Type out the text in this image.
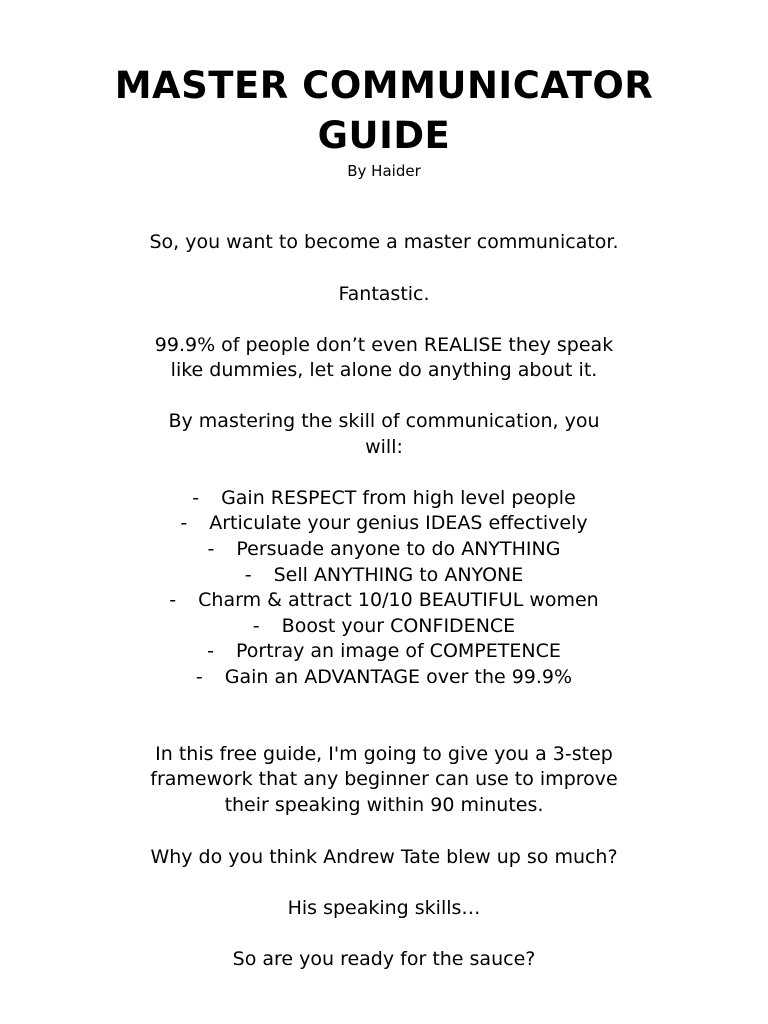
MASTER COMMUNICATOR
GUIDE
By Haider
So, you want to become a master communicator.
Fantastic.
99.9% of people don’t even REALISE they speak
like dummies, let alone do anything about it.
By mastering the skill of communication, you
will:
- Gain RESPECT from high level people
- Articulate your genius IDEAS effectively
- Persuade anyone to do ANYTHING
- Sell ANYTHING to ANYONE
- Charm & attract 10/10 BEAUTIFUL women
- Boost your CONFIDENCE
- Portray an image of COMPETENCE
- Gain an ADVANTAGE over the 99.9%
In this free guide, I'm going to give you a 3-step
framework that any beginner can use to improve
their speaking within 90 minutes.
Why do you think Andrew Tate blew up so much?
His speaking skills…
So are you ready for the sauce?
